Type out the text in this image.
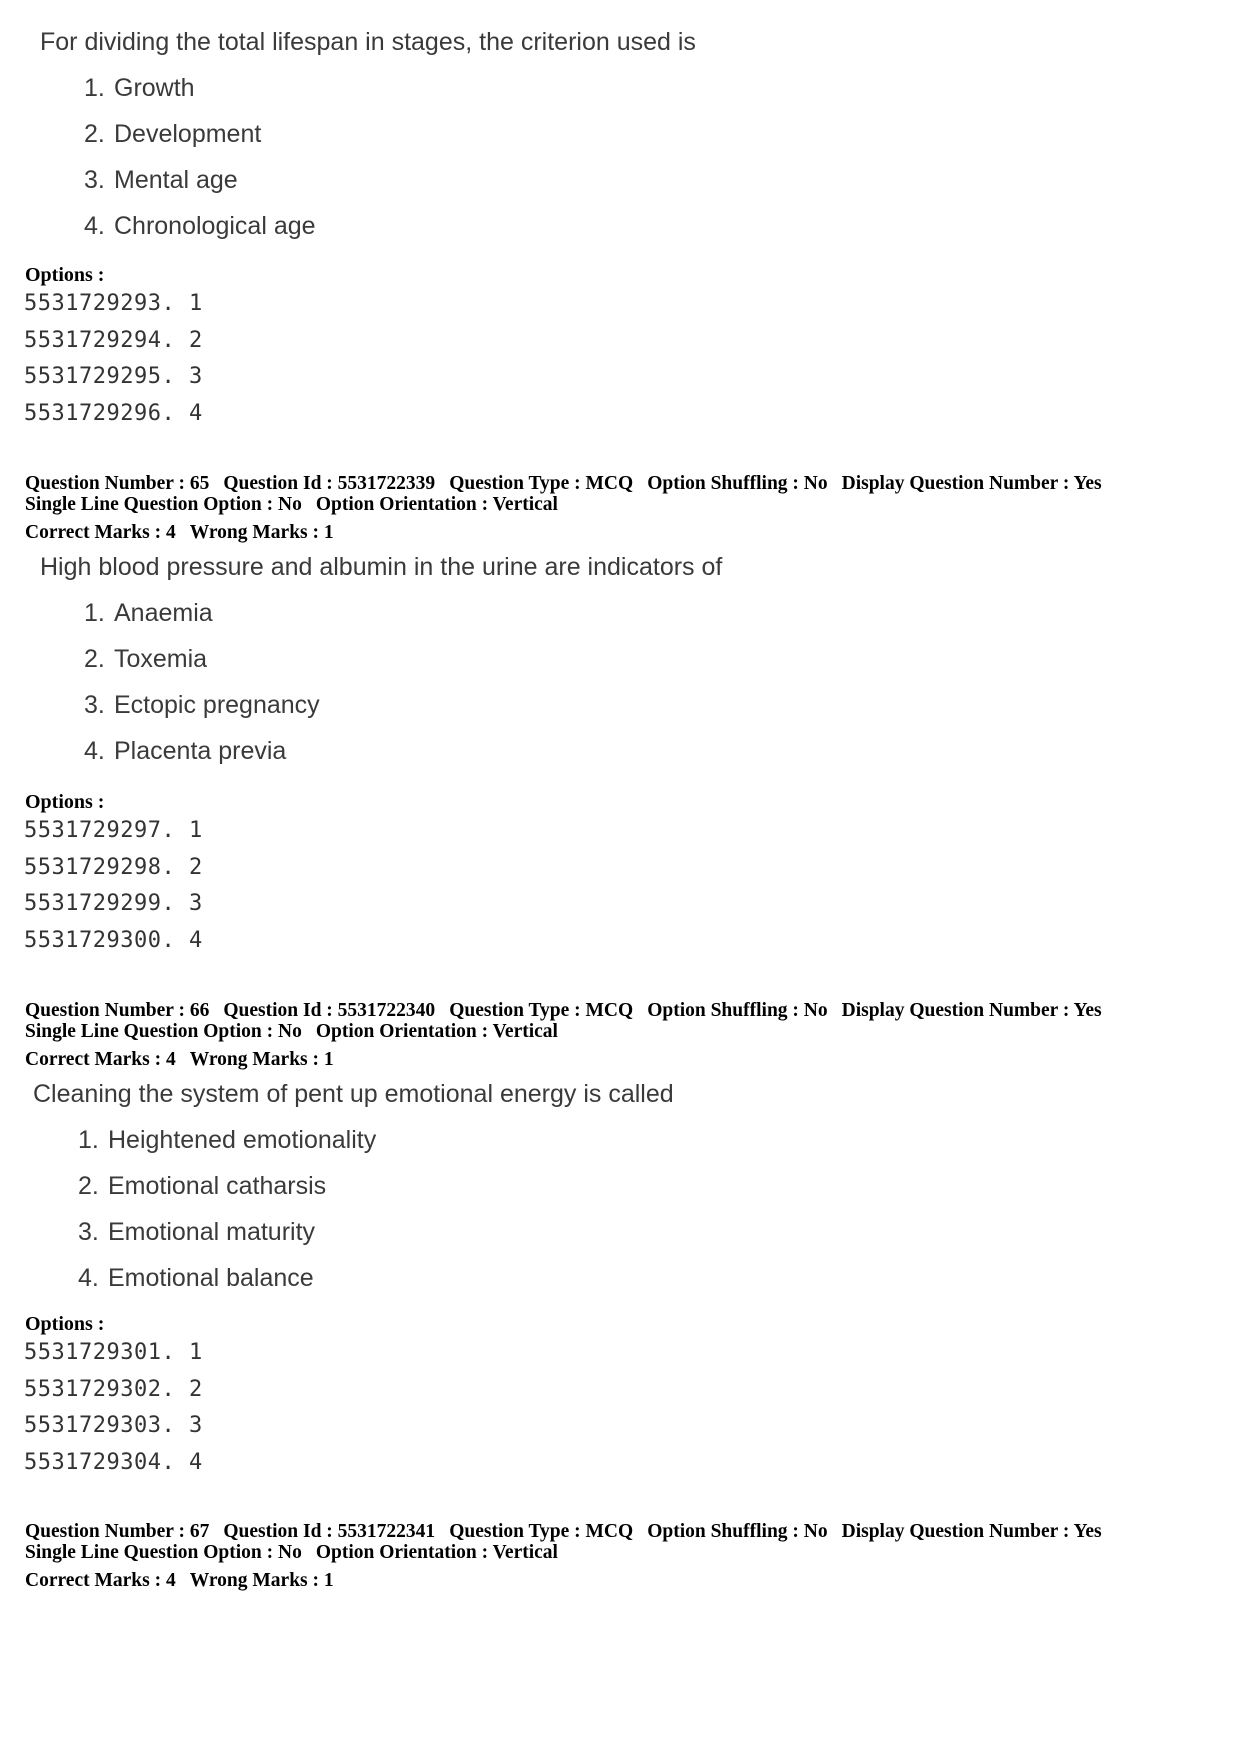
For dividing the total lifespan in stages, the criterion used is
1. Growth
2. Development
3. Mental age
4. Chronological age
Options :
5531729293. 1
5531729294. 2
5531729295. 3
5531729296. 4
Question Number : 65 Question Id : 5531722339 Question Type : MCQ Option Shuffling : No Display Question Number : Yes
Single Line Question Option : No Option Orientation : Vertical
Correct Marks : 4 Wrong Marks : 1
High blood pressure and albumin in the urine are indicators of
1. Anaemia
2. Toxemia
3. Ectopic pregnancy
4. Placenta previa
Options :
5531729297. 1
5531729298. 2
5531729299. 3
5531729300. 4
Question Number : 66 Question Id : 5531722340 Question Type : MCQ Option Shuffling : No Display Question Number : Yes
Single Line Question Option : No Option Orientation : Vertical
Correct Marks : 4 Wrong Marks : 1
Cleaning the system of pent up emotional energy is called
1. Heightened emotionality
2. Emotional catharsis
3. Emotional maturity
4. Emotional balance
Options :
5531729301. 1
5531729302. 2
5531729303. 3
5531729304. 4
Question Number : 67 Question Id : 5531722341 Question Type : MCQ Option Shuffling : No Display Question Number : Yes
Single Line Question Option : No Option Orientation : Vertical
Correct Marks : 4 Wrong Marks : 1
